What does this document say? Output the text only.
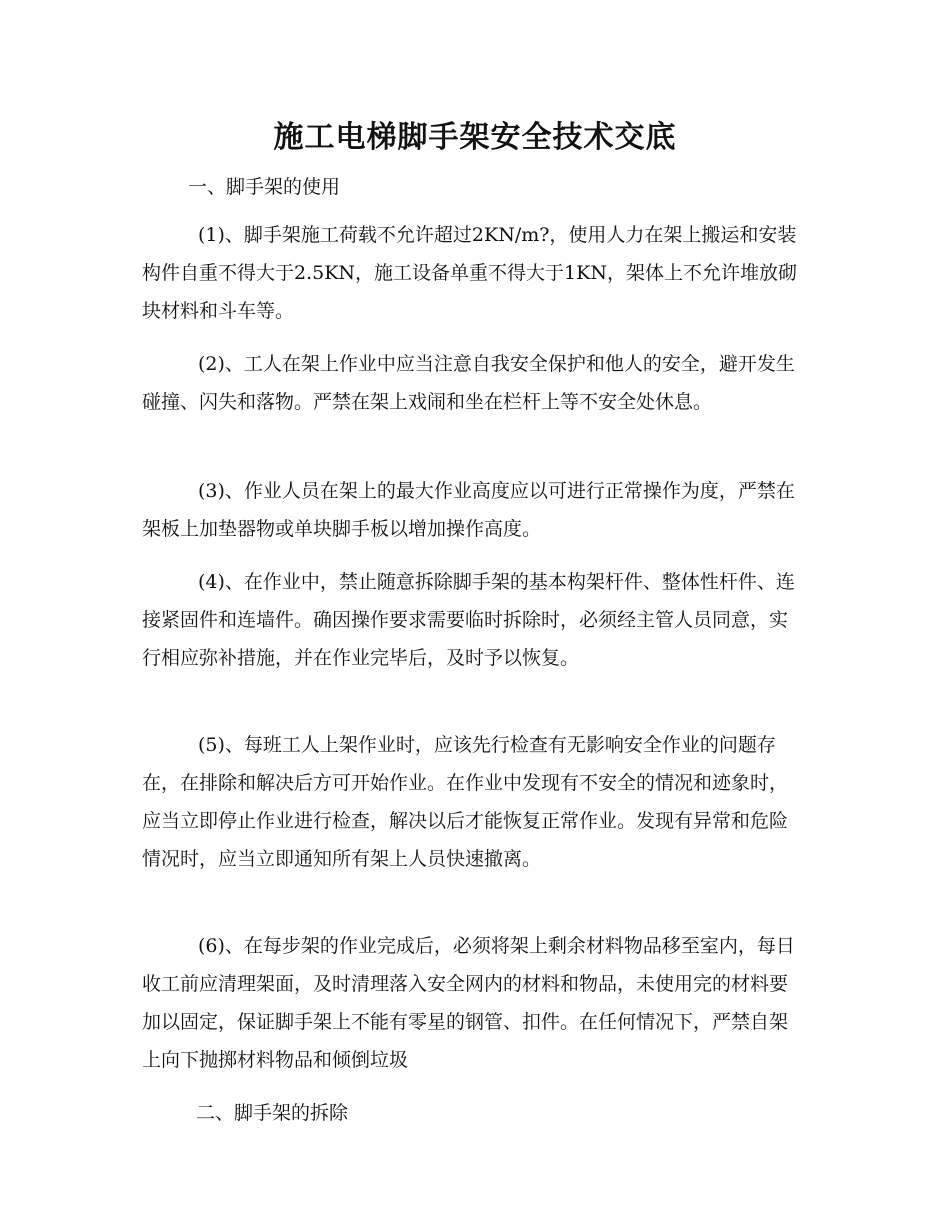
施工电梯脚手架安全技术交底

一、脚手架的使用

(1)、脚手架施工荷载不允许超过2KN/m?，使用人力在架上搬运和安装构件自重不得大于2.5KN，施工设备单重不得大于1KN，架体上不允许堆放砌块材料和斗车等。

(2)、工人在架上作业中应当注意自我安全保护和他人的安全，避开发生碰撞、闪失和落物。严禁在架上戏闹和坐在栏杆上等不安全处休息。

(3)、作业人员在架上的最大作业高度应以可进行正常操作为度，严禁在架板上加垫器物或单块脚手板以增加操作高度。

(4)、在作业中，禁止随意拆除脚手架的基本构架杆件、整体性杆件、连接紧固件和连墙件。确因操作要求需要临时拆除时，必须经主管人员同意，实行相应弥补措施，并在作业完毕后，及时予以恢复。

(5)、每班工人上架作业时，应该先行检查有无影响安全作业的问题存在，在排除和解决后方可开始作业。在作业中发现有不安全的情况和迹象时，应当立即停止作业进行检查，解决以后才能恢复正常作业。发现有异常和危险情况时，应当立即通知所有架上人员快速撤离。

(6)、在每步架的作业完成后，必须将架上剩余材料物品移至室内，每日收工前应清理架面，及时清理落入安全网内的材料和物品，未使用完的材料要加以固定，保证脚手架上不能有零星的钢管、扣件。在任何情况下，严禁自架上向下抛掷材料物品和倾倒垃圾

二、脚手架的拆除
